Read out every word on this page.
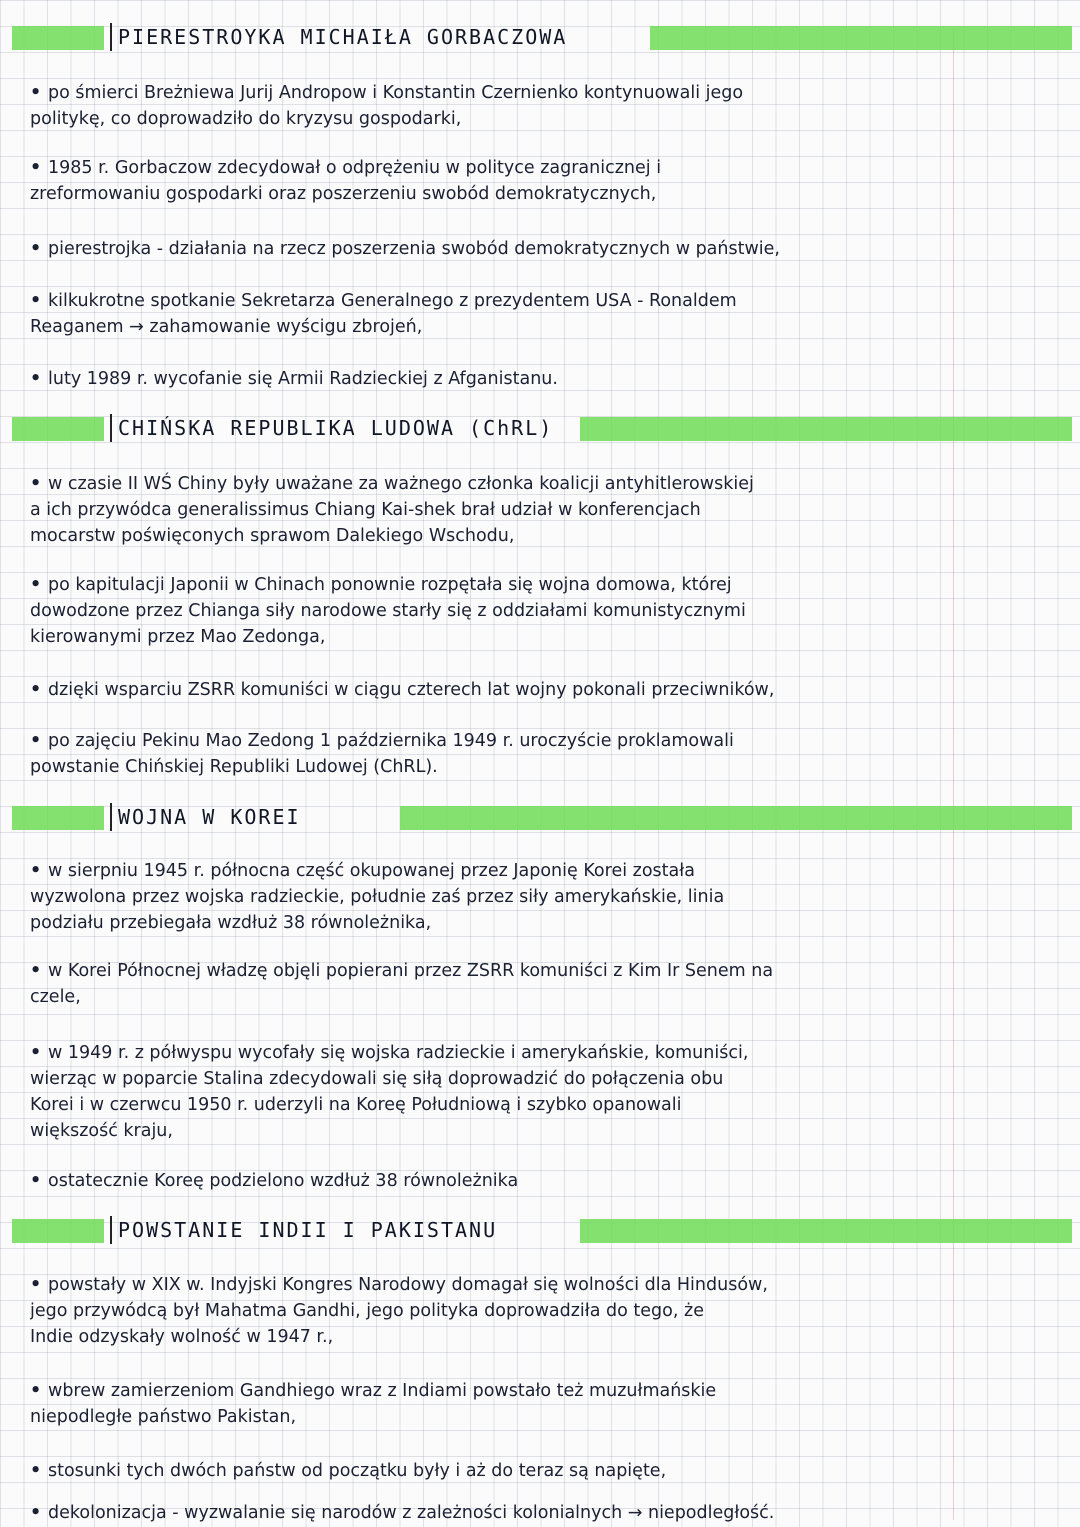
PIERESTROYKA MICHAIŁA GORBACZOWA

• po śmierci Breżniewa Jurij Andropow i Konstantin Czernienko kontynuowali jego

politykę, co doprowadziło do kryzysu gospodarki,

• 1985 r. Gorbaczow zdecydował o odprężeniu w polityce zagranicznej i

zreformowaniu gospodarki oraz poszerzeniu swobód demokratycznych,

• pierestrojka - działania na rzecz poszerzenia swobód demokratycznych w państwie,

• kilkukrotne spotkanie Sekretarza Generalnego z prezydentem USA - Ronaldem

Reaganem → zahamowanie wyścigu zbrojeń,

• luty 1989 r. wycofanie się Armii Radzieckiej z Afganistanu.

CHIŃSKA REPUBLIKA LUDOWA (ChRL)

• w czasie II WŚ Chiny były uważane za ważnego członka koalicji antyhitlerowskiej

a ich przywódca generalissimus Chiang Kai-shek brał udział w konferencjach

mocarstw poświęconych sprawom Dalekiego Wschodu,

• po kapitulacji Japonii w Chinach ponownie rozpętała się wojna domowa, której

dowodzone przez Chianga siły narodowe starły się z oddziałami komunistycznymi

kierowanymi przez Mao Zedonga,

• dzięki wsparciu ZSRR komuniści w ciągu czterech lat wojny pokonali przeciwników,

• po zajęciu Pekinu Mao Zedong 1 października 1949 r. uroczyście proklamowali

powstanie Chińskiej Republiki Ludowej (ChRL).

WOJNA W KOREI

• w sierpniu 1945 r. północna część okupowanej przez Japonię Korei została

wyzwolona przez wojska radzieckie, południe zaś przez siły amerykańskie, linia

podziału przebiegała wzdłuż 38 równoleżnika,

• w Korei Północnej władzę objęli popierani przez ZSRR komuniści z Kim Ir Senem na

czele,

• w 1949 r. z półwyspu wycofały się wojska radzieckie i amerykańskie, komuniści,

wierząc w poparcie Stalina zdecydowali się siłą doprowadzić do połączenia obu

Korei i w czerwcu 1950 r. uderzyli na Koreę Południową i szybko opanowali

większość kraju,

• ostatecznie Koreę podzielono wzdłuż 38 równoleżnika

POWSTANIE INDII I PAKISTANU

• powstały w XIX w. Indyjski Kongres Narodowy domagał się wolności dla Hindusów,

jego przywódcą był Mahatma Gandhi, jego polityka doprowadziła do tego, że

Indie odzyskały wolność w 1947 r.,

• wbrew zamierzeniom Gandhiego wraz z Indiami powstało też muzułmańskie

niepodległe państwo Pakistan,

• stosunki tych dwóch państw od początku były i aż do teraz są napięte,

• dekolonizacja - wyzwalanie się narodów z zależności kolonialnych → niepodległość.
